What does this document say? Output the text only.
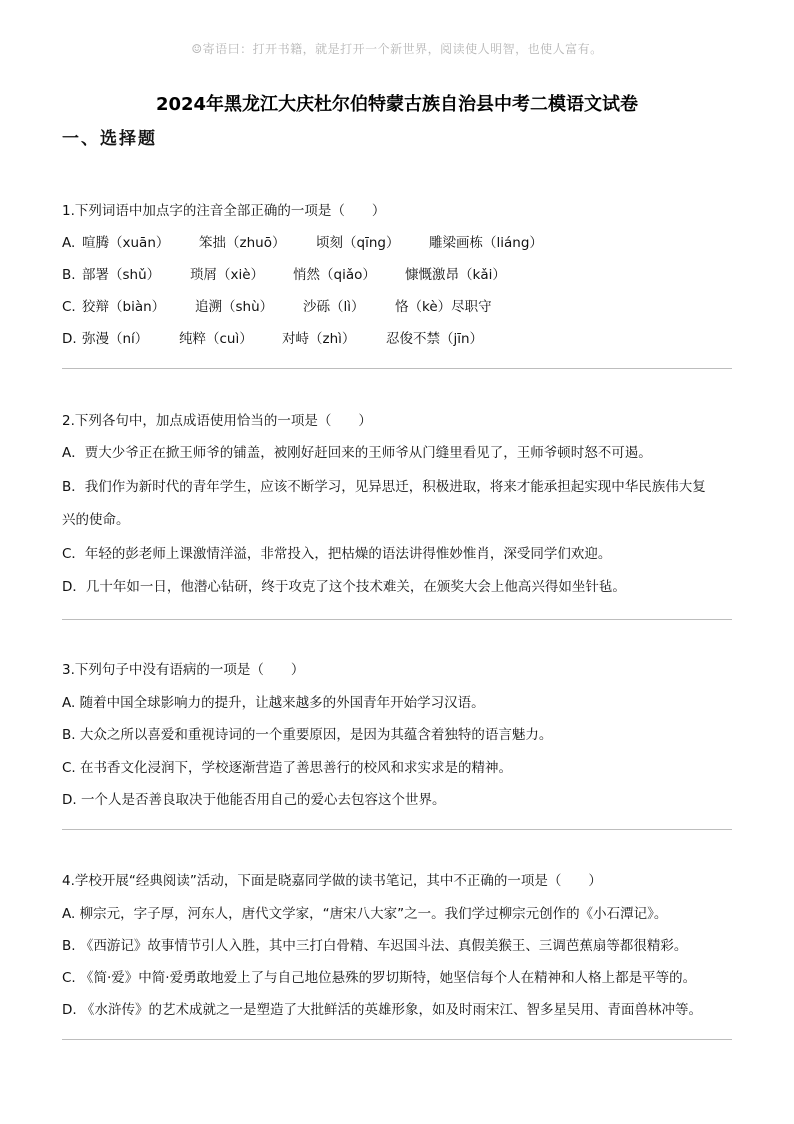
☺寄语曰：打开书籍，就是打开一个新世界，阅读使人明智，也使人富有。
2024年黑龙江大庆杜尔伯特蒙古族自治县中考二模语文试卷
一、选择题
1.下列词语中加点字的注音全部正确的一项是（　　）
A. 喧腾（xuān） 笨拙（zhuō） 顷刻（qīng） 雕梁画栋（liáng）
B. 部署（shǔ） 琐屑（xiè） 悄然（qiǎo） 慷慨激昂（kǎi）
C. 狡辩（biàn） 追溯（shù） 沙砾（lì） 恪（kè）尽职守
D. 弥漫（ní） 纯粹（cuì） 对峙（zhì） 忍俊不禁（jīn）
2.下列各句中，加点成语使用恰当的一项是（　　）
A．贾大少爷正在掀王师爷的铺盖，被刚好赶回来的王师爷从门缝里看见了，王师爷顿时怒不可遏。
B．我们作为新时代的青年学生，应该不断学习，见异思迁，积极进取，将来才能承担起实现中华民族伟大复
兴的使命。
C．年轻的彭老师上课激情洋溢，非常投入，把枯燥的语法讲得惟妙惟肖，深受同学们欢迎。
D．几十年如一日，他潜心钻研，终于攻克了这个技术难关，在颁奖大会上他高兴得如坐针毡。
3.下列句子中没有语病的一项是（　　）
A. 随着中国全球影响力的提升，让越来越多的外国青年开始学习汉语。
B. 大众之所以喜爱和重视诗词的一个重要原因，是因为其蕴含着独特的语言魅力。
C. 在书香文化浸润下，学校逐渐营造了善思善行的校风和求实求是的精神。
D. 一个人是否善良取决于他能否用自己的爱心去包容这个世界。
4.学校开展“经典阅读”活动，下面是晓嘉同学做的读书笔记，其中不正确的一项是（　　）
A. 柳宗元，字子厚，河东人，唐代文学家，“唐宋八大家”之一。我们学过柳宗元创作的《小石潭记》。
B. 《西游记》故事情节引人入胜，其中三打白骨精、车迟国斗法、真假美猴王、三调芭蕉扇等都很精彩。
C. 《简·爱》中简·爱勇敢地爱上了与自己地位悬殊的罗切斯特，她坚信每个人在精神和人格上都是平等的。
D. 《水浒传》的艺术成就之一是塑造了大批鲜活的英雄形象，如及时雨宋江、智多星吴用、青面兽林冲等。
